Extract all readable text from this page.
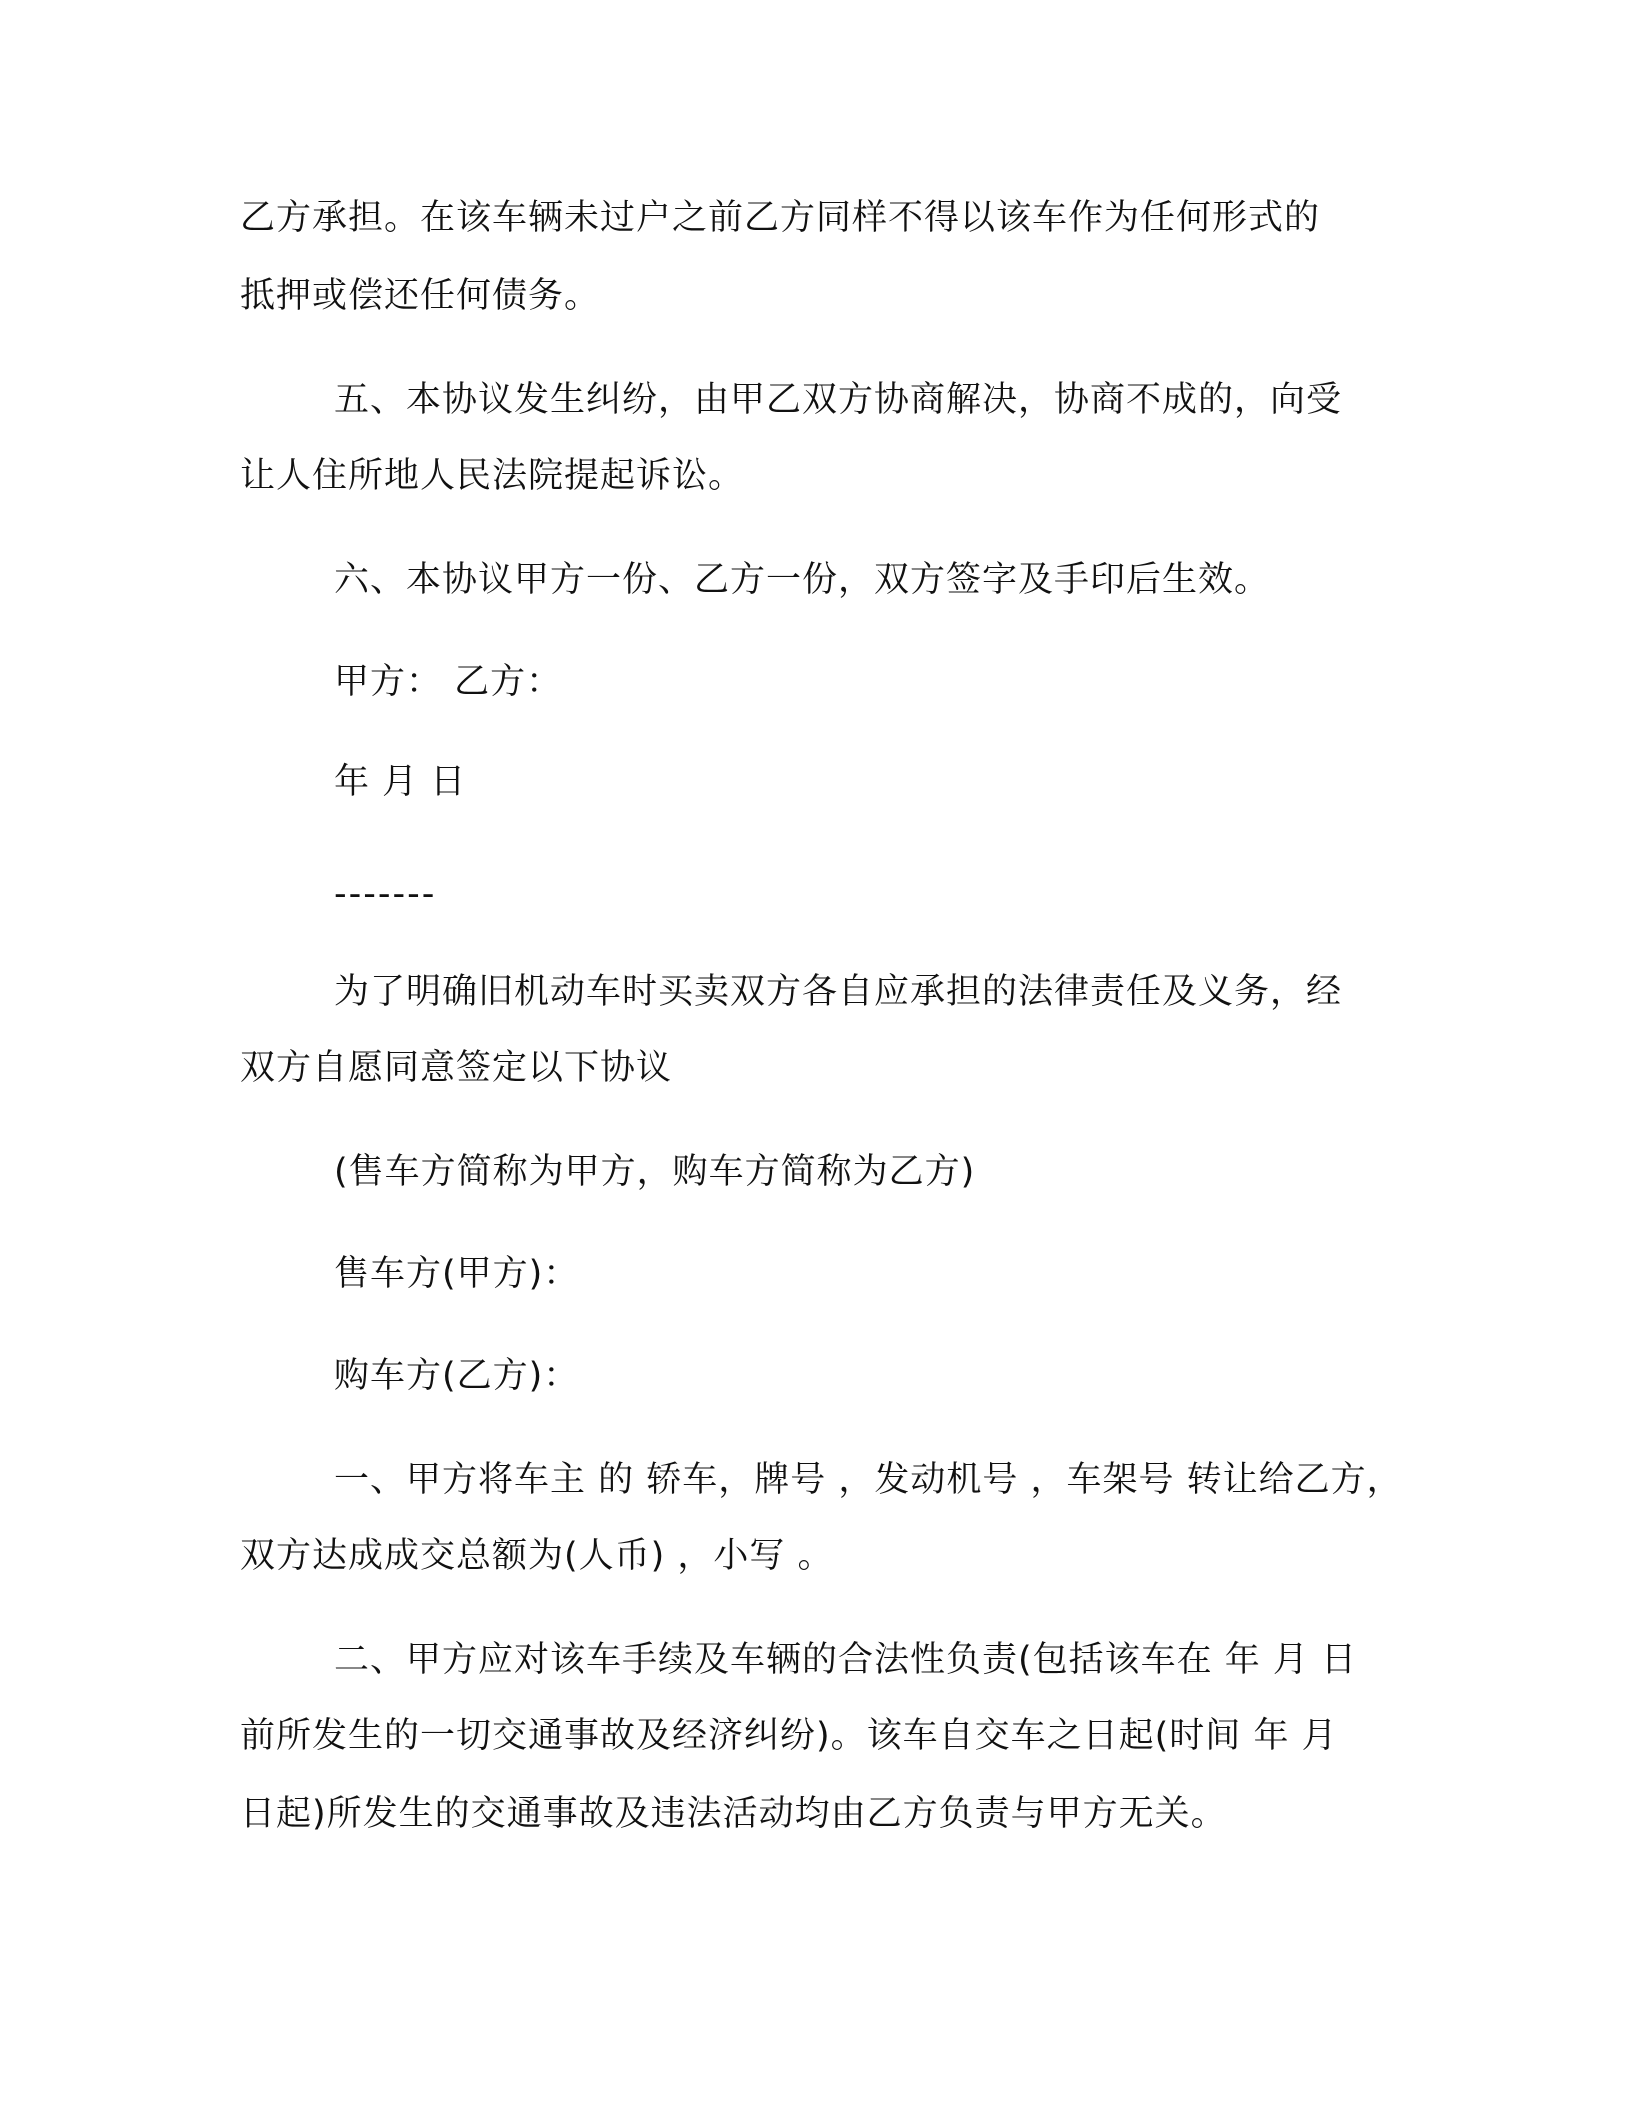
乙方承担。在该车辆未过户之前乙方同样不得以该车作为任何形式的
抵押或偿还任何债务。
五、本协议发生纠纷，由甲乙双方协商解决，协商不成的，向受
让人住所地人民法院提起诉讼。
六、本协议甲方一份、乙方一份，双方签字及手印后生效。
甲方： 乙方：
年 月 日
-------
为了明确旧机动车时买卖双方各自应承担的法律责任及义务，经
双方自愿同意签定以下协议
(售车方简称为甲方，购车方简称为乙方)
售车方(甲方)：
购车方(乙方)：
一、甲方将车主 的 轿车，牌号 ，发动机号 ，车架号 转让给乙方，
双方达成成交总额为(人币) ，小写 。
二、甲方应对该车手续及车辆的合法性负责(包括该车在 年 月 日
前所发生的一切交通事故及经济纠纷)。该车自交车之日起(时间 年 月
日起)所发生的交通事故及违法活动均由乙方负责与甲方无关。
